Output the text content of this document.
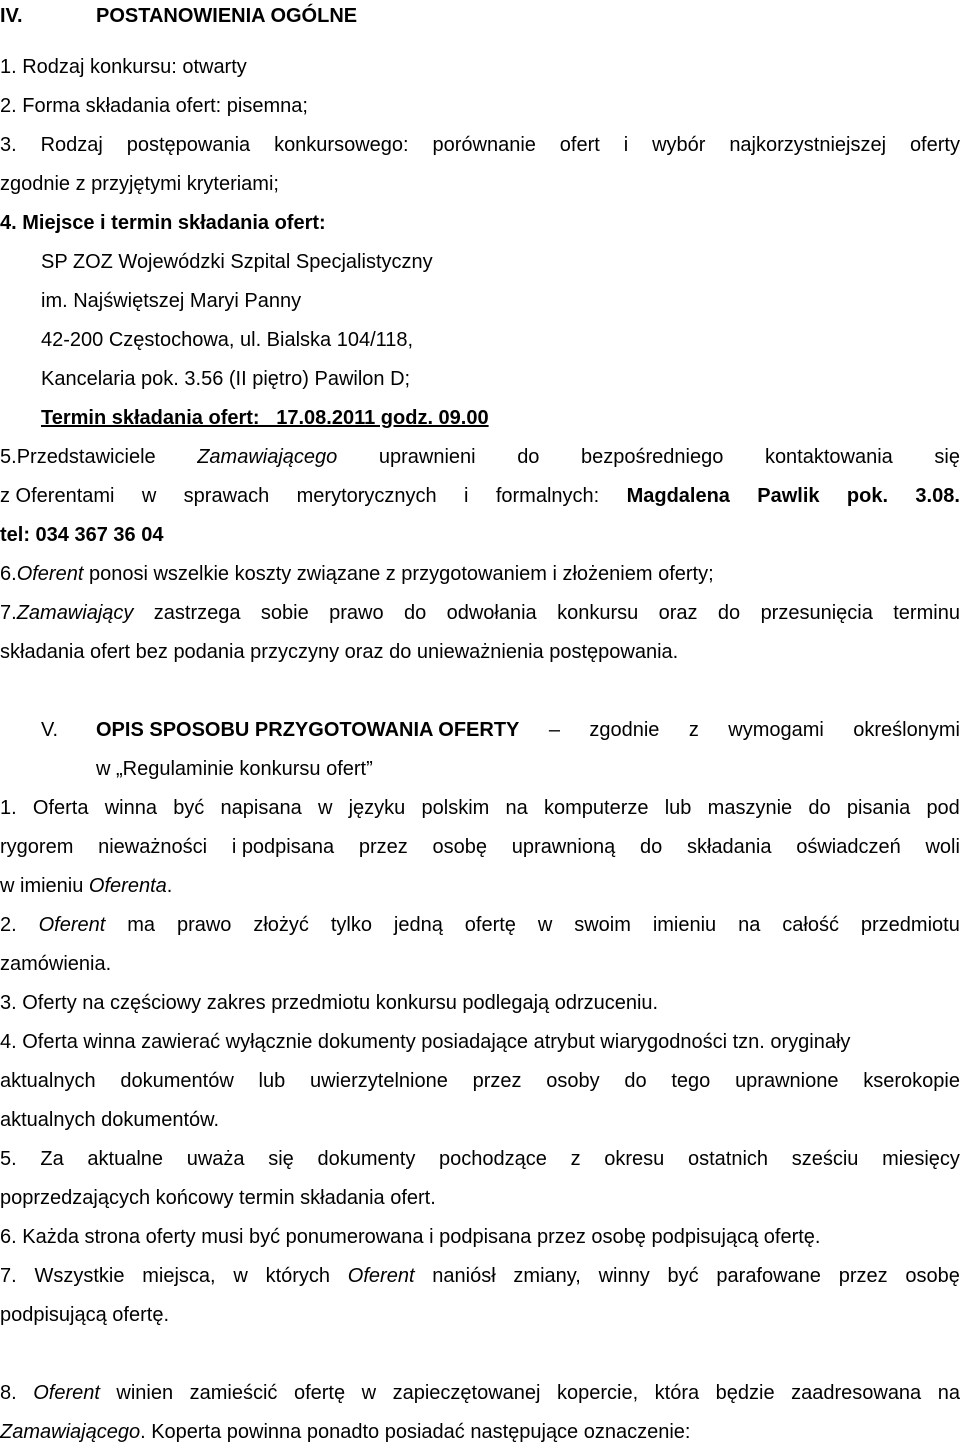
IV.	POSTANOWIENIA OGÓLNE
1. Rodzaj konkursu: otwarty
2. Forma składania ofert: pisemna;
3. Rodzaj postępowania konkursowego: porównanie ofert i wybór najkorzystniejszej oferty
zgodnie z przyjętymi kryteriami;
4. Miejsce i termin składania ofert:
SP ZOZ Wojewódzki Szpital Specjalistyczny
im. Najświętszej Maryi Panny
42-200 Częstochowa, ul. Bialska 104/118,
Kancelaria pok. 3.56 (II piętro) Pawilon D;
Termin składania ofert:   17.08.2011 godz. 09.00
5.Przedstawiciele Zamawiającego uprawnieni do bezpośredniego kontaktowania się
z Oferentami w sprawach merytorycznych i formalnych: Magdalena Pawlik pok. 3.08.
tel: 034 367 36 04
6.Oferent ponosi wszelkie koszty związane z przygotowaniem i złożeniem oferty;
7.Zamawiający zastrzega sobie prawo do odwołania konkursu oraz do przesunięcia terminu
składania ofert bez podania przyczyny oraz do unieważnienia postępowania.
V. OPIS SPOSOBU PRZYGOTOWANIA OFERTY – zgodnie z wymogami określonymi
w „Regulaminie konkursu ofert”
1. Oferta winna być napisana w języku polskim na komputerze lub maszynie do pisania pod
rygorem nieważności i podpisana przez osobę uprawnioną do składania oświadczeń woli
w imieniu Oferenta.
2. Oferent ma prawo złożyć tylko jedną ofertę w swoim imieniu na całość przedmiotu
zamówienia.
3. Oferty na częściowy zakres przedmiotu konkursu podlegają odrzuceniu.
4. Oferta winna zawierać wyłącznie dokumenty posiadające atrybut wiarygodności tzn. oryginały
aktualnych dokumentów lub uwierzytelnione przez osoby do tego uprawnione kserokopie
aktualnych dokumentów.
5. Za aktualne uważa się dokumenty pochodzące z okresu ostatnich sześciu miesięcy
poprzedzających końcowy termin składania ofert.
6. Każda strona oferty musi być ponumerowana i podpisana przez osobę podpisującą ofertę.
7. Wszystkie miejsca, w których Oferent naniósł zmiany, winny być parafowane przez osobę
podpisującą ofertę.
8. Oferent winien zamieścić ofertę w zapieczętowanej kopercie, która będzie zaadresowana na
Zamawiającego. Koperta powinna ponadto posiadać następujące oznaczenie:
